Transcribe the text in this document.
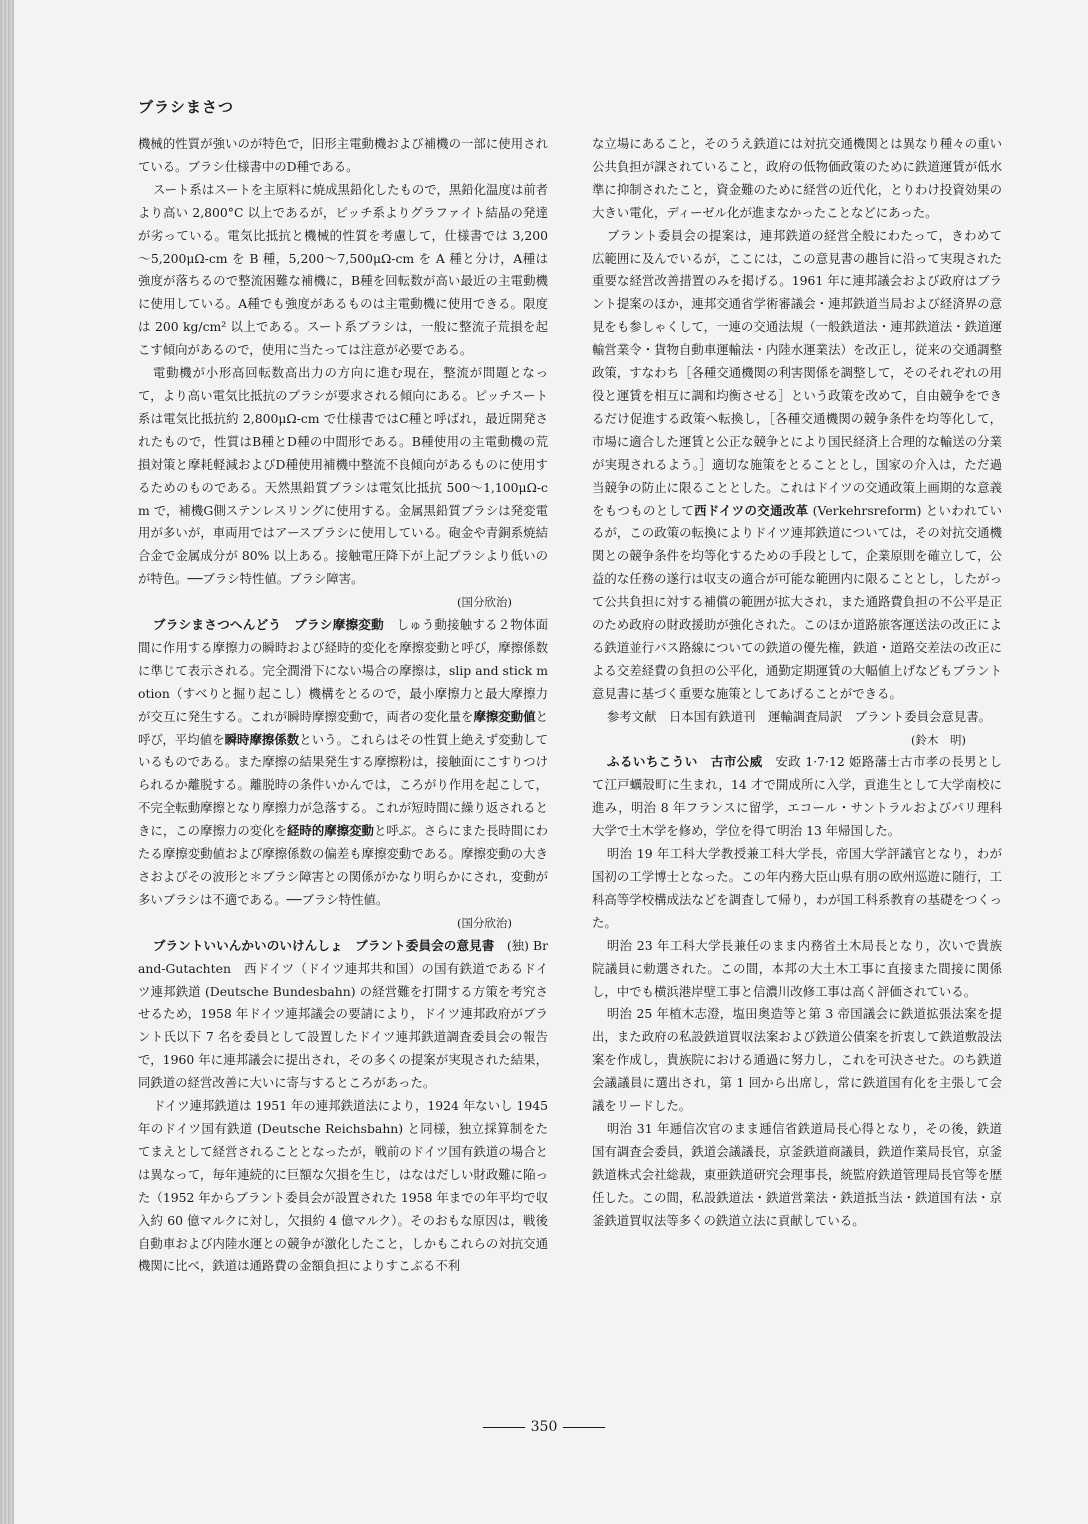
ブラシまさつ

機械的性質が強いのが特色で，旧形主電動機および補機の一部に使用されている。ブラシ仕様書中のD種である。

スート系はスートを主原料に焼成黒鉛化したもので，黒鉛化温度は前者より高い 2,800°C 以上であるが，ピッチ系よりグラファイト結晶の発達が劣っている。電気比抵抗と機械的性質を考慮して，仕様書では 3,200～5,200μΩ-cm を B 種，5,200～7,500μΩ-cm を A 種と分け，A種は強度が落ちるので整流困難な補機に，B種を回転数が高い最近の主電動機に使用している。A種でも強度があるものは主電動機に使用できる。限度は 200 kg/cm² 以上である。スート系ブラシは，一般に整流子荒損を起こす傾向があるので，使用に当たっては注意が必要である。

電動機が小形高回転数高出力の方向に進む現在，整流が問題となって，より高い電気比抵抗のブラシが要求される傾向にある。ピッチスート系は電気比抵抗約 2,800μΩ-cm で仕様書ではC種と呼ばれ，最近開発されたもので，性質はB種とD種の中間形である。B種使用の主電動機の荒損対策と摩耗軽減およびD種使用補機中整流不良傾向があるものに使用するためのものである。天然黒鉛質ブラシは電気比抵抗 500～1,100μΩ-cm で，補機G側ステンレスリングに使用する。金属黒鉛質ブラシは発変電用が多いが，車両用ではアースブラシに使用している。砲金や青銅系焼結合金で金属成分が 80% 以上ある。接触電圧降下が上記ブラシより低いのが特色。──ブラシ特性値。ブラシ障害。

(国分欣治)

ブラシまさつへんどう　ブラシ摩擦変動　 しゅう動接触する２物体面間に作用する摩擦力の瞬時および経時的変化を摩擦変動と呼び，摩擦係数に準じて表示される。完全潤滑下にない場合の摩擦は，slip and stick motion（すべりと掘り起こし）機構をとるので，最小摩擦力と最大摩擦力が交互に発生する。これが瞬時摩擦変動で，両者の変化量を摩擦変動値と呼び，平均値を瞬時摩擦係数という。これらはその性質上絶えず変動しているものである。また摩擦の結果発生する摩擦粉は，接触面にこすりつけられるか離脱する。離脱時の条件いかんでは，ころがり作用を起こして，不完全転動摩擦となり摩擦力が急落する。これが短時間に繰り返されるときに，この摩擦力の変化を経時的摩擦変動と呼ぶ。さらにまた長時間にわたる摩擦変動値および摩擦係数の偏差も摩擦変動である。摩擦変動の大きさおよびその波形と＊ブラシ障害との関係がかなり明らかにされ，変動が多いブラシは不適である。──ブラシ特性値。

(国分欣治)

ブラントいいんかいのいけんしょ　ブラント委員会の意見書　 (独) Brand-Gutachten　西ドイツ（ドイツ連邦共和国）の国有鉄道であるドイツ連邦鉄道 (Deutsche Bundesbahn) の経営難を打開する方策を考究させるため，1958 年ドイツ連邦議会の要請により，ドイツ連邦政府がブラント氏以下 7 名を委員として設置したドイツ連邦鉄道調査委員会の報告で，1960 年に連邦議会に提出され，その多くの提案が実現された結果，同鉄道の経営改善に大いに寄与するところがあった。

ドイツ連邦鉄道は 1951 年の連邦鉄道法により，1924 年ないし 1945 年のドイツ国有鉄道 (Deutsche Reichsbahn) と同様，独立採算制をたてまえとして経営されることとなったが，戦前のドイツ国有鉄道の場合とは異なって，毎年連続的に巨額な欠損を生じ，はなはだしい財政難に陥った（1952 年からブラント委員会が設置された 1958 年までの年平均で収入約 60 億マルクに対し，欠損約 4 億マルク）。そのおもな原因は，戦後自動車および内陸水運との競争が激化したこと，しかもこれらの対抗交通機関に比べ，鉄道は通路費の金額負担によりすこぶる不利

な立場にあること，そのうえ鉄道には対抗交通機関とは異なり種々の重い公共負担が課されていること，政府の低物価政策のために鉄道運賃が低水準に抑制されたこと，資金難のために経営の近代化，とりわけ投資効果の大きい電化，ディーゼル化が進まなかったことなどにあった。

ブラント委員会の提案は，連邦鉄道の経営全般にわたって，きわめて広範囲に及んでいるが，ここには，この意見書の趣旨に沿って実現された重要な経営改善措置のみを掲げる。1961 年に連邦議会および政府はブラント提案のほか，連邦交通省学術審議会・連邦鉄道当局および経済界の意見をも参しゃくして，一連の交通法規（一般鉄道法・連邦鉄道法・鉄道運輸営業令・貨物自動車運輸法・内陸水運業法）を改正し，従来の交通調整政策，すなわち［各種交通機関の利害関係を調整して，そのそれぞれの用役と運賃を相互に調和均衡させる］という政策を改めて，自由競争をできるだけ促進する政策へ転換し，［各種交通機関の競争条件を均等化して，市場に適合した運賃と公正な競争とにより国民経済上合理的な輸送の分業が実現されるよう。］適切な施策をとることとし，国家の介入は，ただ過当競争の防止に限ることとした。これはドイツの交通政策上画期的な意義をもつものとして西ドイツの交通改革 (Verkehrsreform) といわれているが，この政策の転換によりドイツ連邦鉄道については，その対抗交通機関との競争条件を均等化するための手段として，企業原則を確立して，公益的な任務の遂行は収支の適合が可能な範囲内に限ることとし，したがって公共負担に対する補償の範囲が拡大され，また通路費負担の不公平是正のため政府の財政援助が強化された。このほか道路旅客運送法の改正による鉄道並行バス路線についての鉄道の優先権，鉄道・道路交差法の改正による交差経費の負担の公平化，通勤定期運賃の大幅値上げなどもブラント意見書に基づく重要な施策としてあげることができる。

参考文献　日本国有鉄道刊　運輸調査局訳　ブラント委員会意見書。

(鈴木　明)

ふるいちこうい　古市公威　 安政 1·7·12 姫路藩士古市孝の長男として江戸蠣殻町に生まれ，14 才で開成所に入学，貢進生として大学南校に進み，明治 8 年フランスに留学，エコール・サントラルおよびパリ理科大学で土木学を修め，学位を得て明治 13 年帰国した。

明治 19 年工科大学教授兼工科大学長，帝国大学評議官となり，わが国初の工学博士となった。この年内務大臣山県有朋の欧州巡遊に随行，工科高等学校構成法などを調査して帰り，わが国工科系教育の基礎をつくった。

明治 23 年工科大学長兼任のまま内務省土木局長となり，次いで貴族院議員に勅選された。この間，本邦の大土木工事に直接また間接に関係し，中でも横浜港岸壁工事と信濃川改修工事は高く評価されている。

明治 25 年植木志澄，塩田奥造等と第 3 帝国議会に鉄道拡張法案を提出，また政府の私設鉄道買収法案および鉄道公債案を折衷して鉄道敷設法案を作成し，貴族院における通過に努力し，これを可決させた。のち鉄道会議議員に選出され，第 1 回から出席し，常に鉄道国有化を主張して会議をリードした。

明治 31 年逓信次官のまま逓信省鉄道局長心得となり，その後，鉄道国有調査会委員，鉄道会議議長，京釜鉄道商議員，鉄道作業局長官，京釜鉄道株式会社総裁，東亜鉄道研究会理事長，統監府鉄道管理局長官等を歴任した。この間，私設鉄道法・鉄道営業法・鉄道抵当法・鉄道国有法・京釜鉄道買収法等多くの鉄道立法に貢献している。

350
